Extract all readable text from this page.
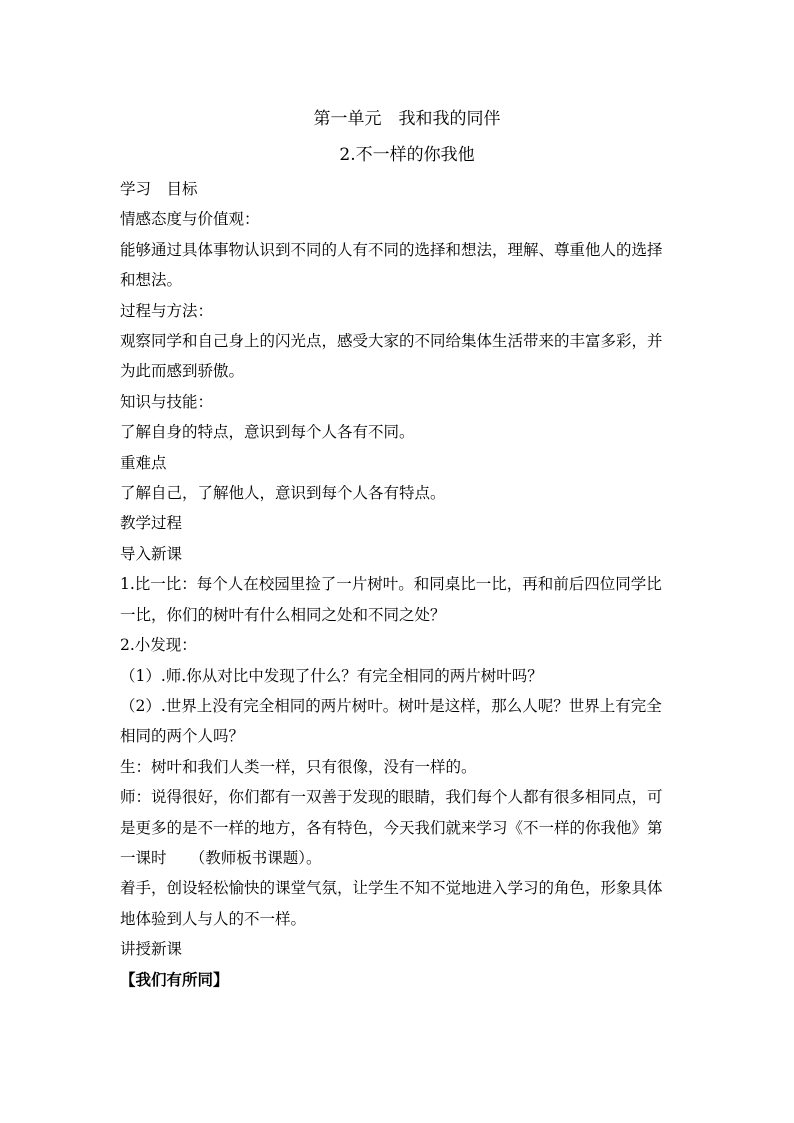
第一单元　我和我的同伴
2.不一样的你我他

学习　目标

情感态度与价值观：

能够通过具体事物认识到不同的人有不同的选择和想法，理解、尊重他人的选择和想法。

过程与方法：

观察同学和自己身上的闪光点，感受大家的不同给集体生活带来的丰富多彩，并为此而感到骄傲。

知识与技能：

了解自身的特点，意识到每个人各有不同。

重难点

了解自己，了解他人，意识到每个人各有特点。

教学过程

导入新课

1.比一比：每个人在校园里捡了一片树叶。和同桌比一比，再和前后四位同学比一比，你们的树叶有什么相同之处和不同之处？

2.小发现：

（1）.师.你从对比中发现了什么？有完全相同的两片树叶吗？

（2）.世界上没有完全相同的两片树叶。树叶是这样，那么人呢？世界上有完全相同的两个人吗？

生：树叶和我们人类一样，只有很像，没有一样的。

师：说得很好，你们都有一双善于发现的眼睛，我们每个人都有很多相同点，可是更多的是不一样的地方，各有特色，今天我们就来学习《不一样的你我他》第一课时　　（教师板书课题）。

着手，创设轻松愉快的课堂气氛，让学生不知不觉地进入学习的角色，形象具体地体验到人与人的不一样。

讲授新课

【我们有所同】
